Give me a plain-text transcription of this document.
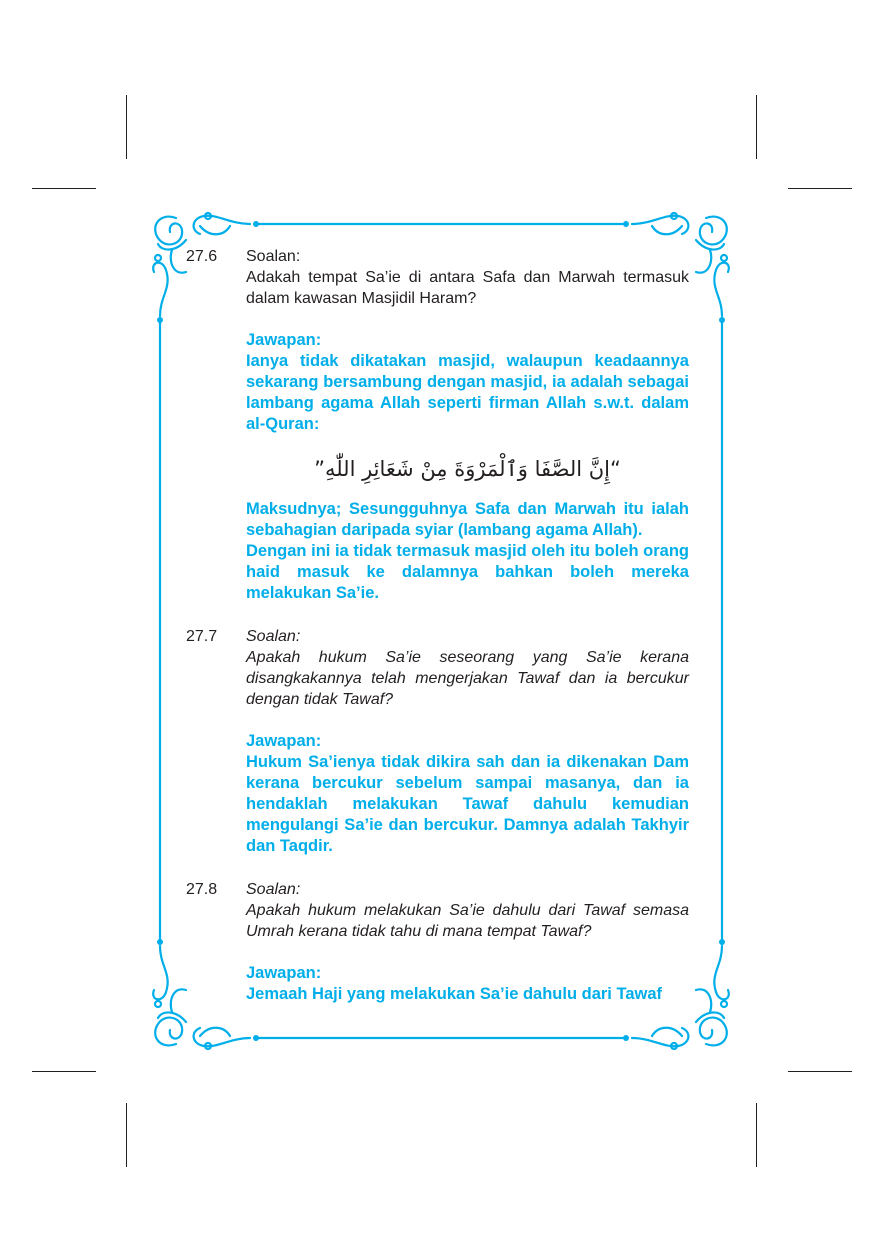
27.6 Soalan:
Adakah tempat Sa’ie di antara Safa dan Marwah termasuk dalam kawasan Masjidil Haram?
Jawapan:
Ianya tidak dikatakan masjid, walaupun keadaannya sekarang bersambung dengan masjid, ia adalah sebagai lambang agama Allah seperti firman Allah s.w.t. dalam al-Quran:
“إِنَّ الصَّفَا وَٱلْمَرْوَةَ مِنْ شَعَائِرِ اللّٰهِ”
Maksudnya; Sesungguhnya Safa dan Marwah itu ialah sebahagian daripada syiar (lambang agama Allah).
Dengan ini ia tidak termasuk masjid oleh itu boleh orang haid masuk ke dalamnya bahkan boleh mereka melakukan Sa’ie.
27.7 Soalan:
Apakah hukum Sa’ie seseorang yang Sa’ie kerana disangkakannya telah mengerjakan Tawaf dan ia bercukur dengan tidak Tawaf?
Jawapan:
Hukum Sa’ienya tidak dikira sah dan ia dikenakan Dam kerana bercukur sebelum sampai masanya, dan ia hendaklah melakukan Tawaf dahulu kemudian mengulangi Sa’ie dan bercukur. Damnya adalah Takhyir dan Taqdir.
27.8 Soalan:
Apakah hukum melakukan Sa’ie dahulu dari Tawaf semasa Umrah kerana tidak tahu di mana tempat Tawaf?
Jawapan:
Jemaah Haji yang melakukan Sa’ie dahulu dari Tawaf
